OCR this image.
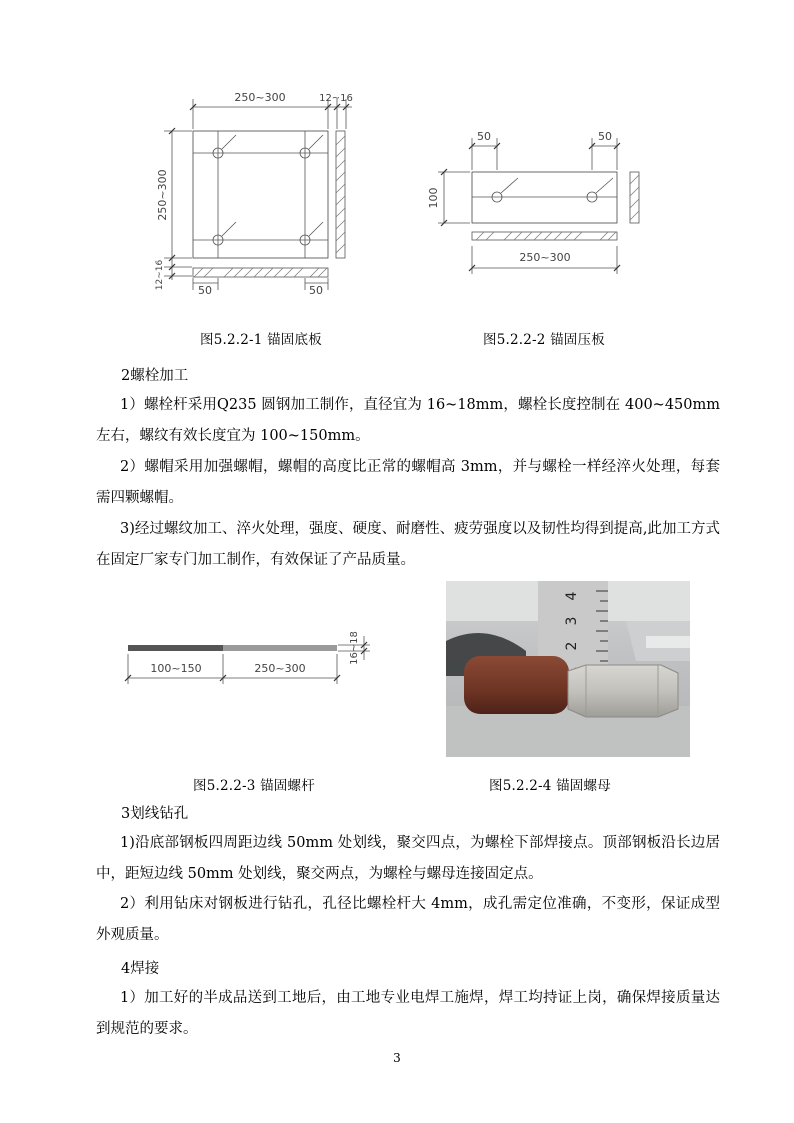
250~300	12~16
250~300
12~16
50	50
图5.2.2-1 锚固底板
50	50
100
250~300
图5.2.2-2 锚固压板
2螺栓加工
1）螺栓杆采用Q235 圆钢加工制作，直径宜为 16~18mm，螺栓长度控制在 400~450mm 左右，螺纹有效长度宜为 100~150mm。
2）螺帽采用加强螺帽，螺帽的高度比正常的螺帽高 3mm，并与螺栓一样经淬火处理，每套需四颗螺帽。
3)经过螺纹加工、淬火处理，强度、硬度、耐磨性、疲劳强度以及韧性均得到提高,此加工方式在固定厂家专门加工制作，有效保证了产品质量。
100~150	250~300
16~18
图5.2.2-3 锚固螺杆
4
3
2
图5.2.2-4 锚固螺母
3划线钻孔
1)沿底部钢板四周距边线 50mm 处划线，聚交四点，为螺栓下部焊接点。顶部钢板沿长边居中，距短边线 50mm 处划线，聚交两点，为螺栓与螺母连接固定点。
2）利用钻床对钢板进行钻孔，孔径比螺栓杆大 4mm，成孔需定位准确，不变形，保证成型外观质量。
4焊接
1）加工好的半成品送到工地后，由工地专业电焊工施焊，焊工均持证上岗，确保焊接质量达到规范的要求。
3
